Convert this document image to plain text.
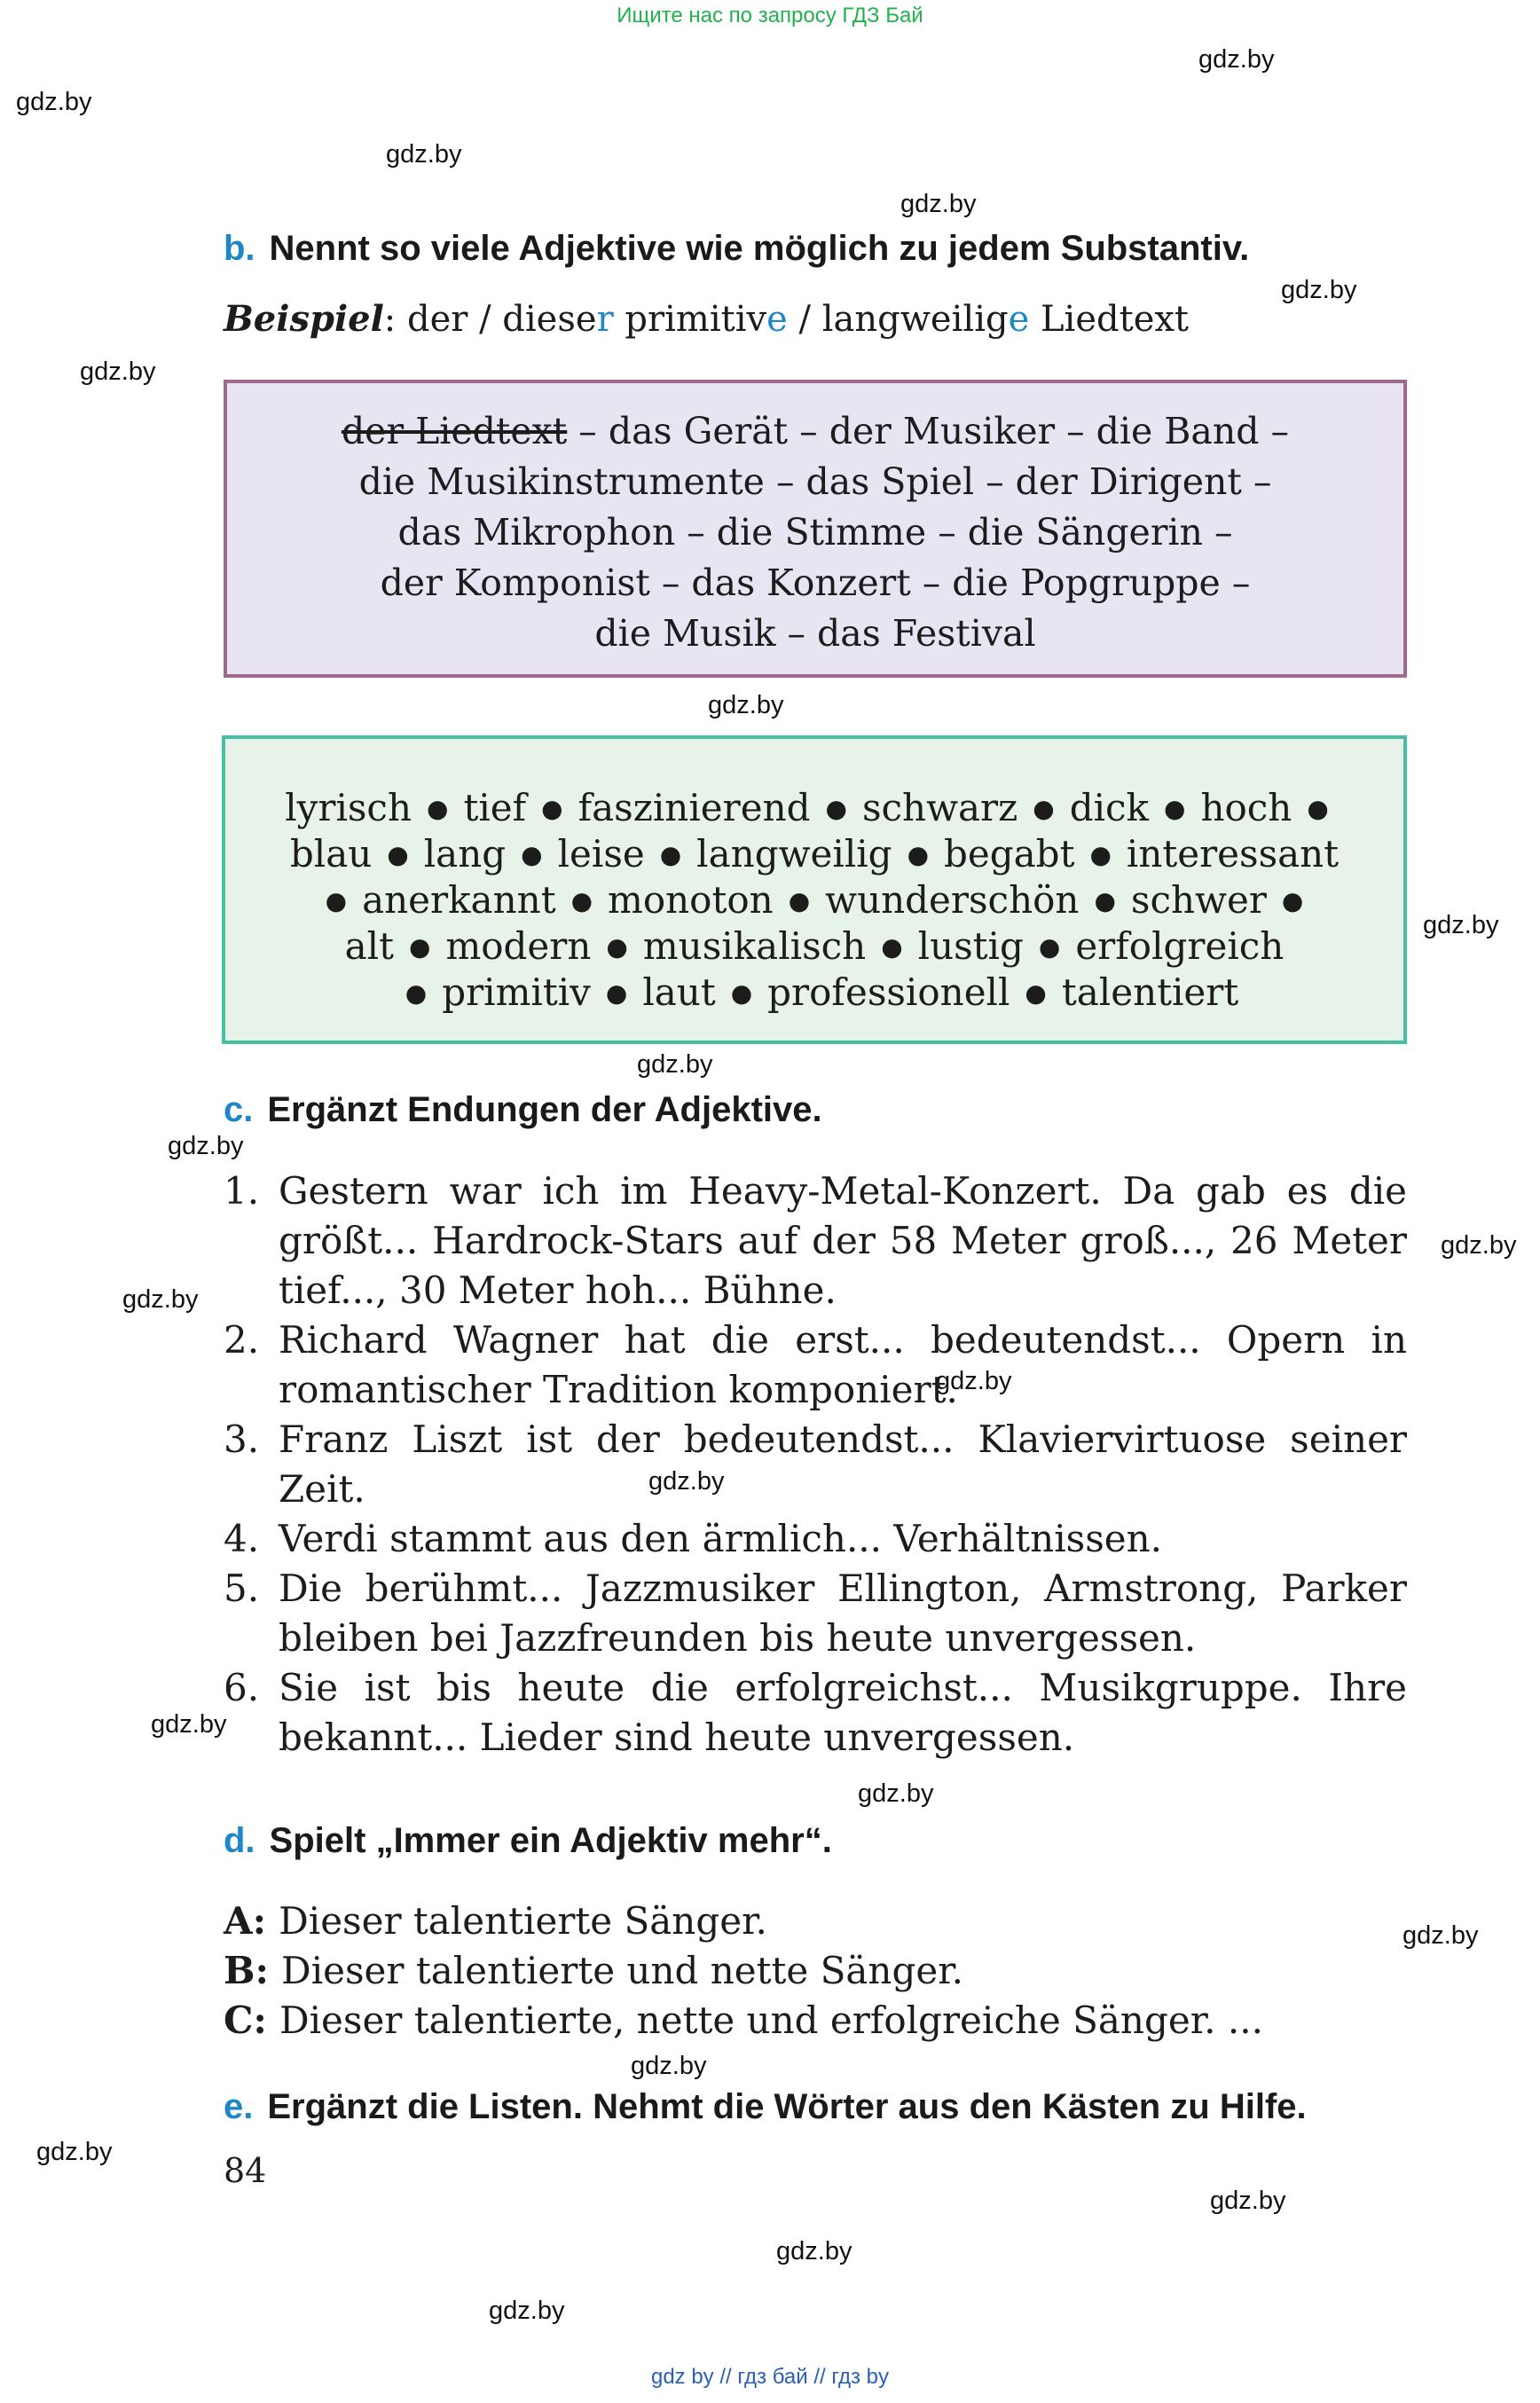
Ищите нас по запросу ГДЗ Бай
gdz.by
gdz.by
gdz.by
gdz.by
gdz.by
gdz.by
gdz.by
gdz.by
gdz.by
gdz.by
gdz.by
gdz.by
gdz.by
gdz.by
gdz.by
gdz.by
gdz.by
gdz.by
gdz.by
gdz.by
gdz.by
gdz.by
b. Nennt so viele Adjektive wie möglich zu jedem Substantiv.
Beispiel: der / dieser primitive / langweilige Liedtext
der Liedtext – das Gerät – der Musiker – die Band –
die Musikinstrumente – das Spiel – der Dirigent –
das Mikrophon – die Stimme – die Sängerin –
der Komponist – das Konzert – die Popgruppe –
die Musik – das Festival
lyrisch ● tief ● faszinierend ● schwarz ● dick ● hoch ●
blau ● lang ● leise ● langweilig ● begabt ● interessant
● anerkannt ● monoton ● wunderschön ● schwer ●
alt ● modern ● musikalisch ● lustig ● erfolgreich
● primitiv ● laut ● professionell ● talentiert
c. Ergänzt Endungen der Adjektive.
1. Gestern war ich im Heavy-Metal-Konzert. Da gab es die größt... Hardrock-Stars auf der 58 Meter groß..., 26 Meter tief..., 30 Meter hoh... Bühne.
2. Richard Wagner hat die erst... bedeutendst... Opern in romantischer Tradition komponiert.
3. Franz Liszt ist der bedeutendst... Klaviervirtuose seiner Zeit.
4. Verdi stammt aus den ärmlich... Verhältnissen.
5. Die berühmt... Jazzmusiker Ellington, Armstrong, Parker bleiben bei Jazzfreunden bis heute unvergessen.
6. Sie ist bis heute die erfolgreichst... Musikgruppe. Ihre bekannt... Lieder sind heute unvergessen.
d. Spielt „Immer ein Adjektiv mehr“.
A: Dieser talentierte Sänger.
B: Dieser talentierte und nette Sänger.
C: Dieser talentierte, nette und erfolgreiche Sänger. ...
e. Ergänzt die Listen. Nehmt die Wörter aus den Kästen zu Hilfe.
84
gdz by // гдз бай // гдз by
